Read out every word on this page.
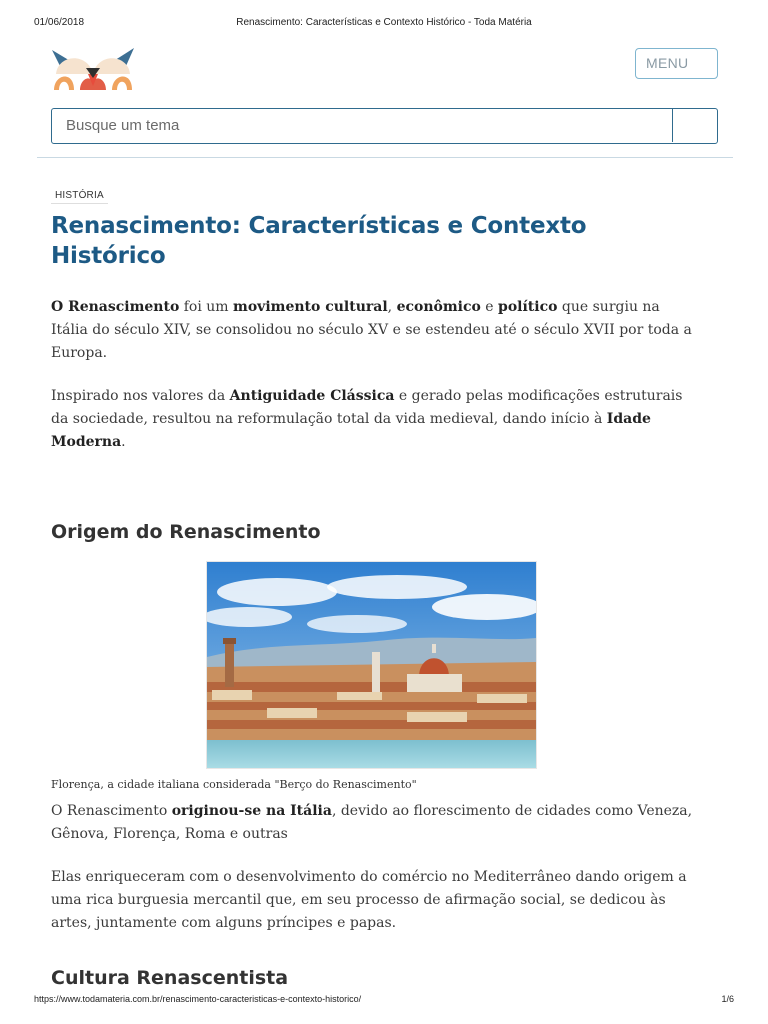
01/06/2018	Renascimento: Características e Contexto Histórico - Toda Matéria
MENU
Busque um tema
HISTÓRIA
Renascimento: Características e Contexto Histórico

O Renascimento foi um movimento cultural, econômico e político que surgiu na Itália do século XIV, se consolidou no século XV e se estendeu até o século XVII por toda a Europa.

Inspirado nos valores da Antiguidade Clássica e gerado pelas modificações estruturais da sociedade, resultou na reformulação total da vida medieval, dando início à Idade Moderna.

Origem do Renascimento
Florença, a cidade italiana considerada "Berço do Renascimento"

O Renascimento originou-se na Itália, devido ao florescimento de cidades como Veneza, Gênova, Florença, Roma e outras

Elas enriqueceram com o desenvolvimento do comércio no Mediterrâneo dando origem a uma rica burguesia mercantil que, em seu processo de afirmação social, se dedicou às artes, juntamente com alguns príncipes e papas.

Cultura Renascentista
https://www.todamateria.com.br/renascimento-caracteristicas-e-contexto-historico/	1/6
